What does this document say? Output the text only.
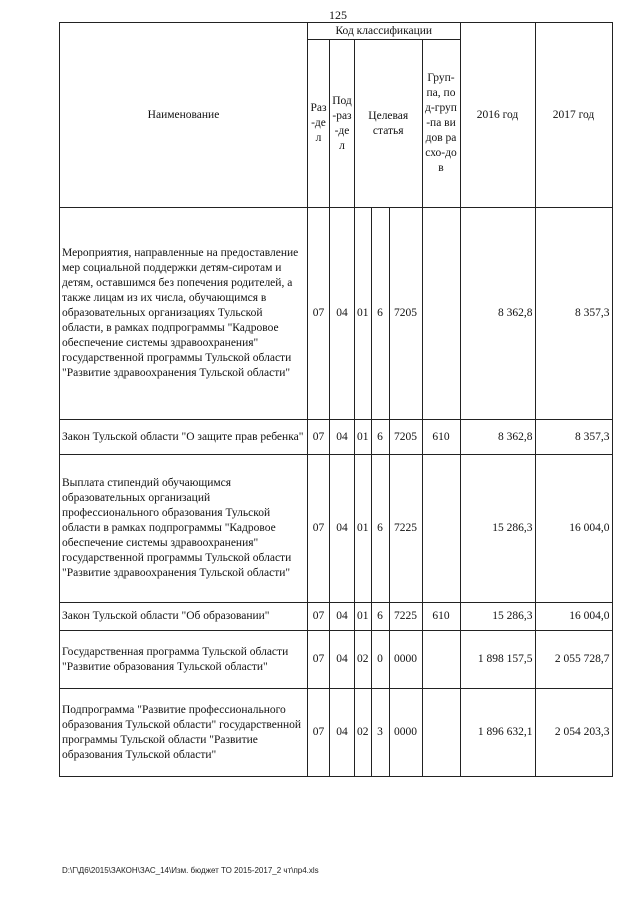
125
Наименование	Код классификации						2016 год	2017 год
	Раз-дел	Под-раз-дел	Целевая статья			Груп-па, под-груп-па видов расхо-дов		
Мероприятия, направленные на предоставление мер социальной поддержки детям-сиротам и детям, оставшимся без попечения родителей, а также лицам из их числа, обучающимся в образовательных организациях Тульской области, в рамках подпрограммы "Кадровое обеспечение системы здравоохранения" государственной программы Тульской области "Развитие здравоохранения Тульской области"	07	04	01	6	7205		8 362,8	8 357,3
Закон Тульской области "О защите прав ребенка"	07	04	01	6	7205	610	8 362,8	8 357,3
Выплата стипендий обучающимся образовательных организаций профессионального образования Тульской области в рамках подпрограммы "Кадровое обеспечение системы здравоохранения" государственной программы Тульской области "Развитие здравоохранения Тульской области"	07	04	01	6	7225		15 286,3	16 004,0
Закон Тульской области "Об образовании"	07	04	01	6	7225	610	15 286,3	16 004,0
Государственная программа Тульской области "Развитие образования Тульской области"	07	04	02	0	0000		1 898 157,5	2 055 728,7
Подпрограмма "Развитие профессионального образования Тульской области" государственной программы Тульской области "Развитие образования Тульской области"	07	04	02	3	0000		1 896 632,1	2 054 203,3
D:\Г\Д6\2015\ЗАКОН\ЗАС_14\Изм. бюджет ТО 2015-2017_2 чт\пр4.xls
